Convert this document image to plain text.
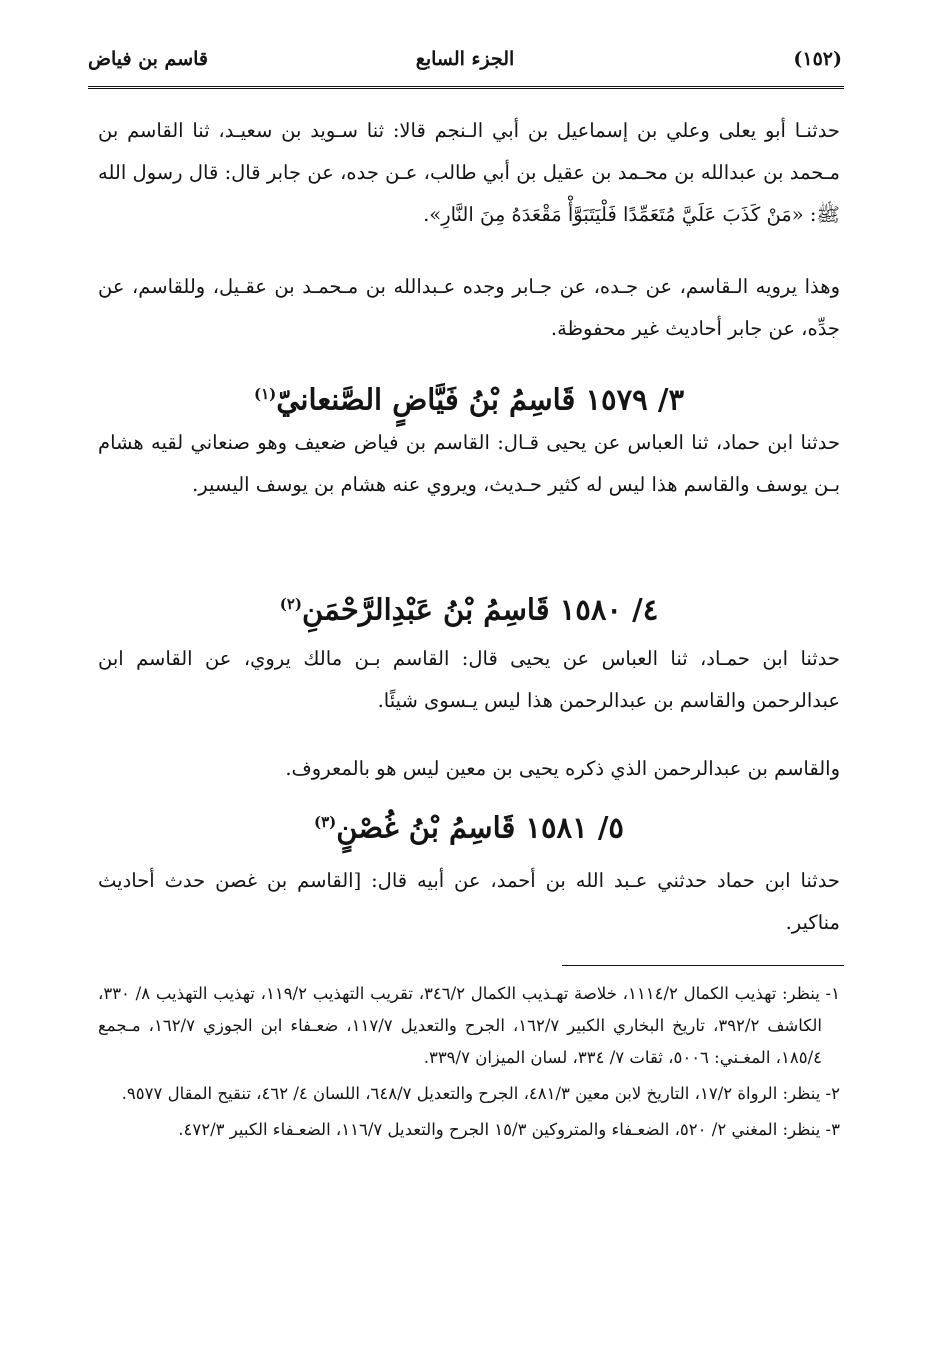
(١٥٢)
الجزء السابع
قاسم بن فياض

حدثنـا أبو يعلى وعلي بن إسماعيل بن أبي الـنجم قالا: ثنا سـويد بن سعيـد، ثنا القاسم بن مـحمد بن عبدالله بن محـمد بن عقيل بن أبي طالب، عـن جده، عن جابر قال: قال رسول الله ﷺ: «مَنْ كَذَبَ عَلَيَّ مُتَعَمِّدًا فَلْيَتَبَوَّأْ مَقْعَدَهُ مِنَ النَّارِ».

وهذا يرويه الـقاسم، عن جـده، عن جـابر وجده عـبدالله بن مـحمـد بن عقـيل، وللقاسم، عن جدِّه، عن جابر أحاديث غير محفوظة.

٣/ ١٥٧٩ قَاسِمُ بْنُ فَيَّاضٍ الصَّنعانيّ$^{(١)}$

حدثنا ابن حماد، ثنا العباس عن يحيى قـال: القاسم بن فياض ضعيف وهو صنعاني لقيه هشام بـن يوسف والقاسم هذا ليس له كثير حـديث، ويروي عنه هشام بن يوسف اليسير.

٤/ ١٥٨٠ قَاسِمُ بْنُ عَبْدِالرَّحْمَنِ$^{(٢)}$

حدثنا ابن حمـاد، ثنا العباس عن يحيى قال: القاسم بـن مالك يروي، عن القاسم ابن عبدالرحمن والقاسم بن عبدالرحمن هذا ليس يـسوى شيئًا.

والقاسم بن عبدالرحمن الذي ذكره يحيى بن معين ليس هو بالمعروف.

٥/ ١٥٨١ قَاسِمُ بْنُ غُصْنٍ$^{(٣)}$

حدثنا ابن حماد حدثني عـبد الله بن أحمد، عن أبيه قال: [القاسم بن غصن حدث أحاديث مناكير.

١- ينظر: تهذيب الكمال ١١١٤/٢، خلاصة تهـذيب الكمال ٣٤٦/٢، تقريب التهذيب ١١٩/٢، تهذيب التهذيب ٨/ ٣٣٠، الكاشف ٣٩٢/٢، تاريخ البخاري الكبير ١٦٢/٧، الجرح والتعديل ١١٧/٧، ضعـفاء ابن الجوزي ١٦٢/٧، مـجمع ١٨٥/٤، المغـني: ٥٠٠٦، ثقات ٧/ ٣٣٤، لسان الميزان ٣٣٩/٧.

٢- ينظر: الرواة ١٧/٢، التاريخ لابن معين ٤٨١/٣، الجرح والتعديل ٦٤٨/٧، اللسان ٤/ ٤٦٢، تنقيح المقال ٩٥٧٧.

٣- ينظر: المغني ٢/ ٥٢٠، الضعـفاء والمتروكين ١٥/٣ الجرح والتعديل ١١٦/٧، الضعـفاء الكبير ٤٧٢/٣.
